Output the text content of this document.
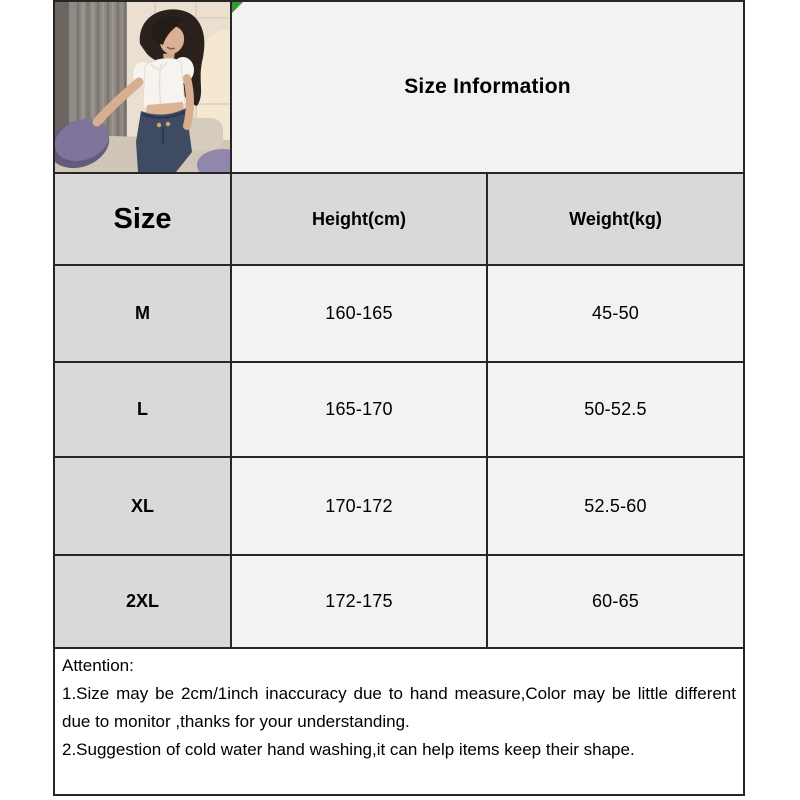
Size Information
Size	Height(cm)	Weight(kg)
M	160-165	45-50
L	165-170	50-52.5
XL	170-172	52.5-60
2XL	172-175	60-65
Attention:
1.Size may be 2cm/1inch inaccuracy due to hand measure,Color may be little different due to monitor ,thanks for your understanding.
2.Suggestion of cold water hand washing,it can help items keep their shape.
